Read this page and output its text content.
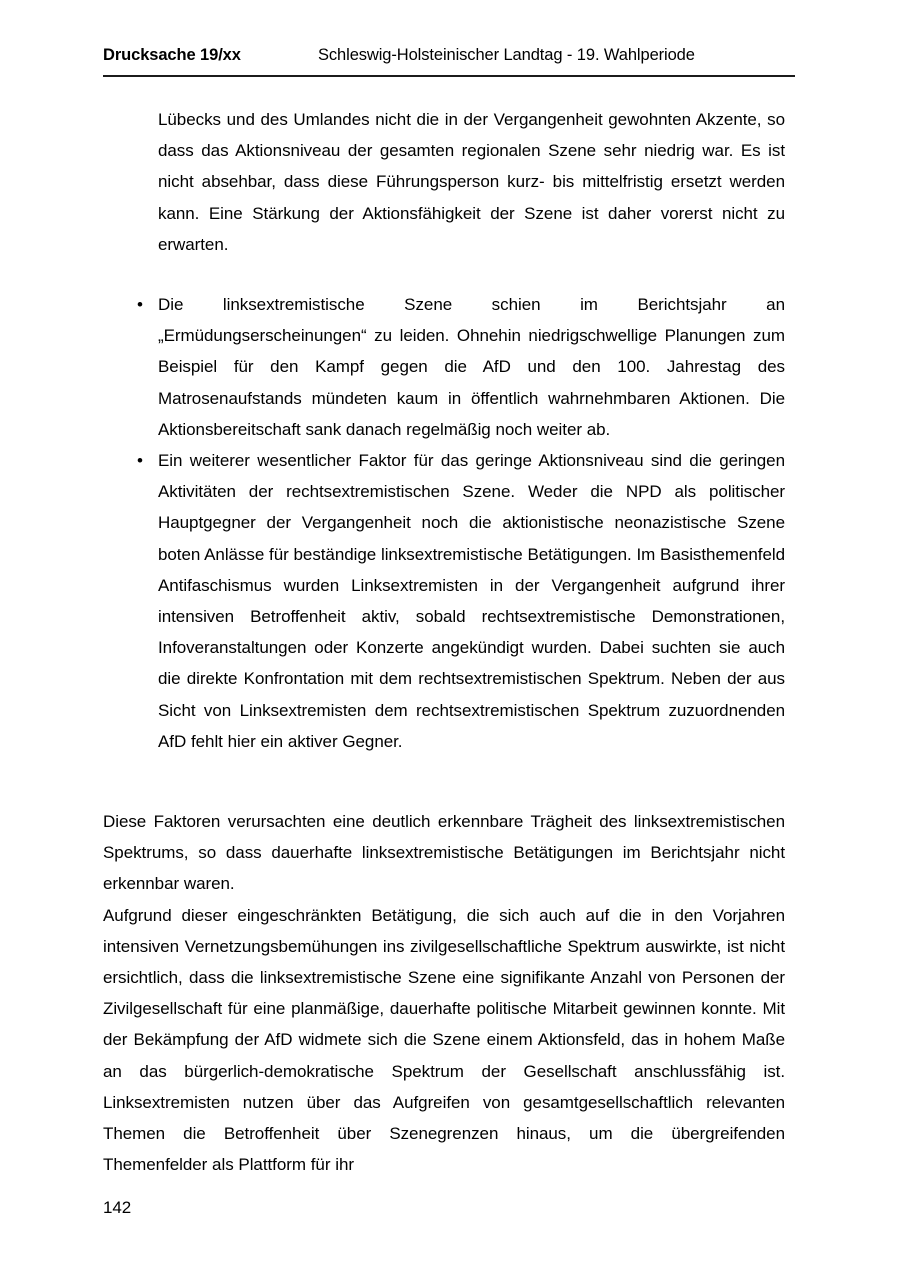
Drucksache 19/xx	Schleswig-Holsteinischer Landtag - 19. Wahlperiode

Lübecks und des Umlandes nicht die in der Vergangenheit gewohnten Akzente, so dass das Aktionsniveau der gesamten regionalen Szene sehr niedrig war. Es ist nicht absehbar, dass diese Führungsperson kurz- bis mittelfristig ersetzt werden kann. Eine Stärkung der Aktionsfähigkeit der Szene ist daher vorerst nicht zu erwarten.

• Die linksextremistische Szene schien im Berichtsjahr an „Ermüdungserscheinungen“ zu leiden. Ohnehin niedrigschwellige Planungen zum Beispiel für den Kampf gegen die AfD und den 100. Jahrestag des Matrosenaufstands mündeten kaum in öffentlich wahrnehmbaren Aktionen. Die Aktionsbereitschaft sank danach regelmäßig noch weiter ab.

• Ein weiterer wesentlicher Faktor für das geringe Aktionsniveau sind die geringen Aktivitäten der rechtsextremistischen Szene. Weder die NPD als politischer Hauptgegner der Vergangenheit noch die aktionistische neonazistische Szene boten Anlässe für beständige linksextremistische Betätigungen. Im Basisthemenfeld Antifaschismus wurden Linksextremisten in der Vergangenheit aufgrund ihrer intensiven Betroffenheit aktiv, sobald rechtsextremistische Demonstrationen, Infoveranstaltungen oder Konzerte angekündigt wurden. Dabei suchten sie auch die direkte Konfrontation mit dem rechtsextremistischen Spektrum. Neben der aus Sicht von Linksextremisten dem rechtsextremistischen Spektrum zuzuordnenden AfD fehlt hier ein aktiver Gegner.

Diese Faktoren verursachten eine deutlich erkennbare Trägheit des linksextremistischen Spektrums, so dass dauerhafte linksextremistische Betätigungen im Berichtsjahr nicht erkennbar waren.

Aufgrund dieser eingeschränkten Betätigung, die sich auch auf die in den Vorjahren intensiven Vernetzungsbemühungen ins zivilgesellschaftliche Spektrum auswirkte, ist nicht ersichtlich, dass die linksextremistische Szene eine signifikante Anzahl von Personen der Zivilgesellschaft für eine planmäßige, dauerhafte politische Mitarbeit gewinnen konnte. Mit der Bekämpfung der AfD widmete sich die Szene einem Aktionsfeld, das in hohem Maße an das bürgerlich-demokratische Spektrum der Gesellschaft anschlussfähig ist. Linksextremisten nutzen über das Aufgreifen von gesamtgesellschaftlich relevanten Themen die Betroffenheit über Szenegrenzen hinaus, um die übergreifenden Themenfelder als Plattform für ihr

142
